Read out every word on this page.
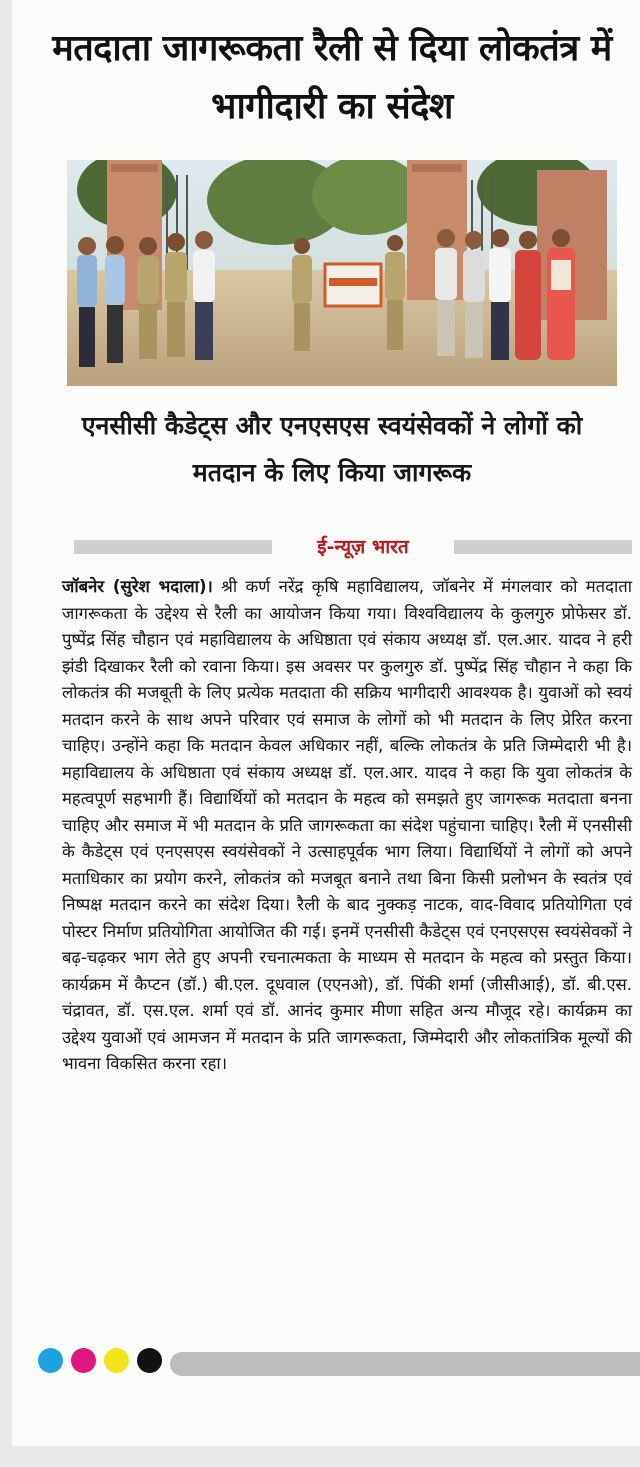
मतदाता जागरूकता रैली से दिया लोकतंत्र में भागीदारी का संदेश
एनसीसी कैडेट्स और एनएसएस स्वयंसेवकों ने लोगों को मतदान के लिए किया जागरूक
ई-न्यूज़ भारत

जॉबनेर (सुरेश भदाला)। श्री कर्ण नरेंद्र कृषि महाविद्यालय, जॉबनेर में मंगलवार को मतदाता जागरूकता के उद्देश्य से रैली का आयोजन किया गया। विश्वविद्यालय के कुलगुरु प्रोफेसर डॉ. पुष्पेंद्र सिंह चौहान एवं महाविद्यालय के अधिष्ठाता एवं संकाय अध्यक्ष डॉ. एल.आर. यादव ने हरी झंडी दिखाकर रैली को रवाना किया। इस अवसर पर कुलगुरु डॉ. पुष्पेंद्र सिंह चौहान ने कहा कि लोकतंत्र की मजबूती के लिए प्रत्येक मतदाता की सक्रिय भागीदारी आवश्यक है। युवाओं को स्वयं मतदान करने के साथ अपने परिवार एवं समाज के लोगों को भी मतदान के लिए प्रेरित करना चाहिए। उन्होंने कहा कि मतदान केवल अधिकार नहीं, बल्कि लोकतंत्र के प्रति जिम्मेदारी भी है। महाविद्यालय के अधिष्ठाता एवं संकाय अध्यक्ष डॉ. एल.आर. यादव ने कहा कि युवा लोकतंत्र के महत्वपूर्ण सहभागी हैं। विद्यार्थियों को मतदान के महत्व को समझते हुए जागरूक मतदाता बनना चाहिए और समाज में भी मतदान के प्रति जागरूकता का संदेश पहुंचाना चाहिए। रैली में एनसीसी के कैडेट्स एवं एनएसएस स्वयंसेवकों ने उत्साहपूर्वक भाग लिया। विद्यार्थियों ने लोगों को अपने मताधिकार का प्रयोग करने, लोकतंत्र को मजबूत बनाने तथा बिना किसी प्रलोभन के स्वतंत्र एवं निष्पक्ष मतदान करने का संदेश दिया। रैली के बाद नुक्कड़ नाटक, वाद-विवाद प्रतियोगिता एवं पोस्टर निर्माण प्रतियोगिता आयोजित की गई। इनमें एनसीसी कैडेट्स एवं एनएसएस स्वयंसेवकों ने बढ़-चढ़कर भाग लेते हुए अपनी रचनात्मकता के माध्यम से मतदान के महत्व को प्रस्तुत किया। कार्यक्रम में कैप्टन (डॉ.) बी.एल. दूधवाल (एएनओ), डॉ. पिंकी शर्मा (जीसीआई), डॉ. बी.एस. चंद्रावत, डॉ. एस.एल. शर्मा एवं डॉ. आनंद कुमार मीणा सहित अन्य मौजूद रहे। कार्यक्रम का उद्देश्य युवाओं एवं आमजन में मतदान के प्रति जागरूकता, जिम्मेदारी और लोकतांत्रिक मूल्यों की भावना विकसित करना रहा।
